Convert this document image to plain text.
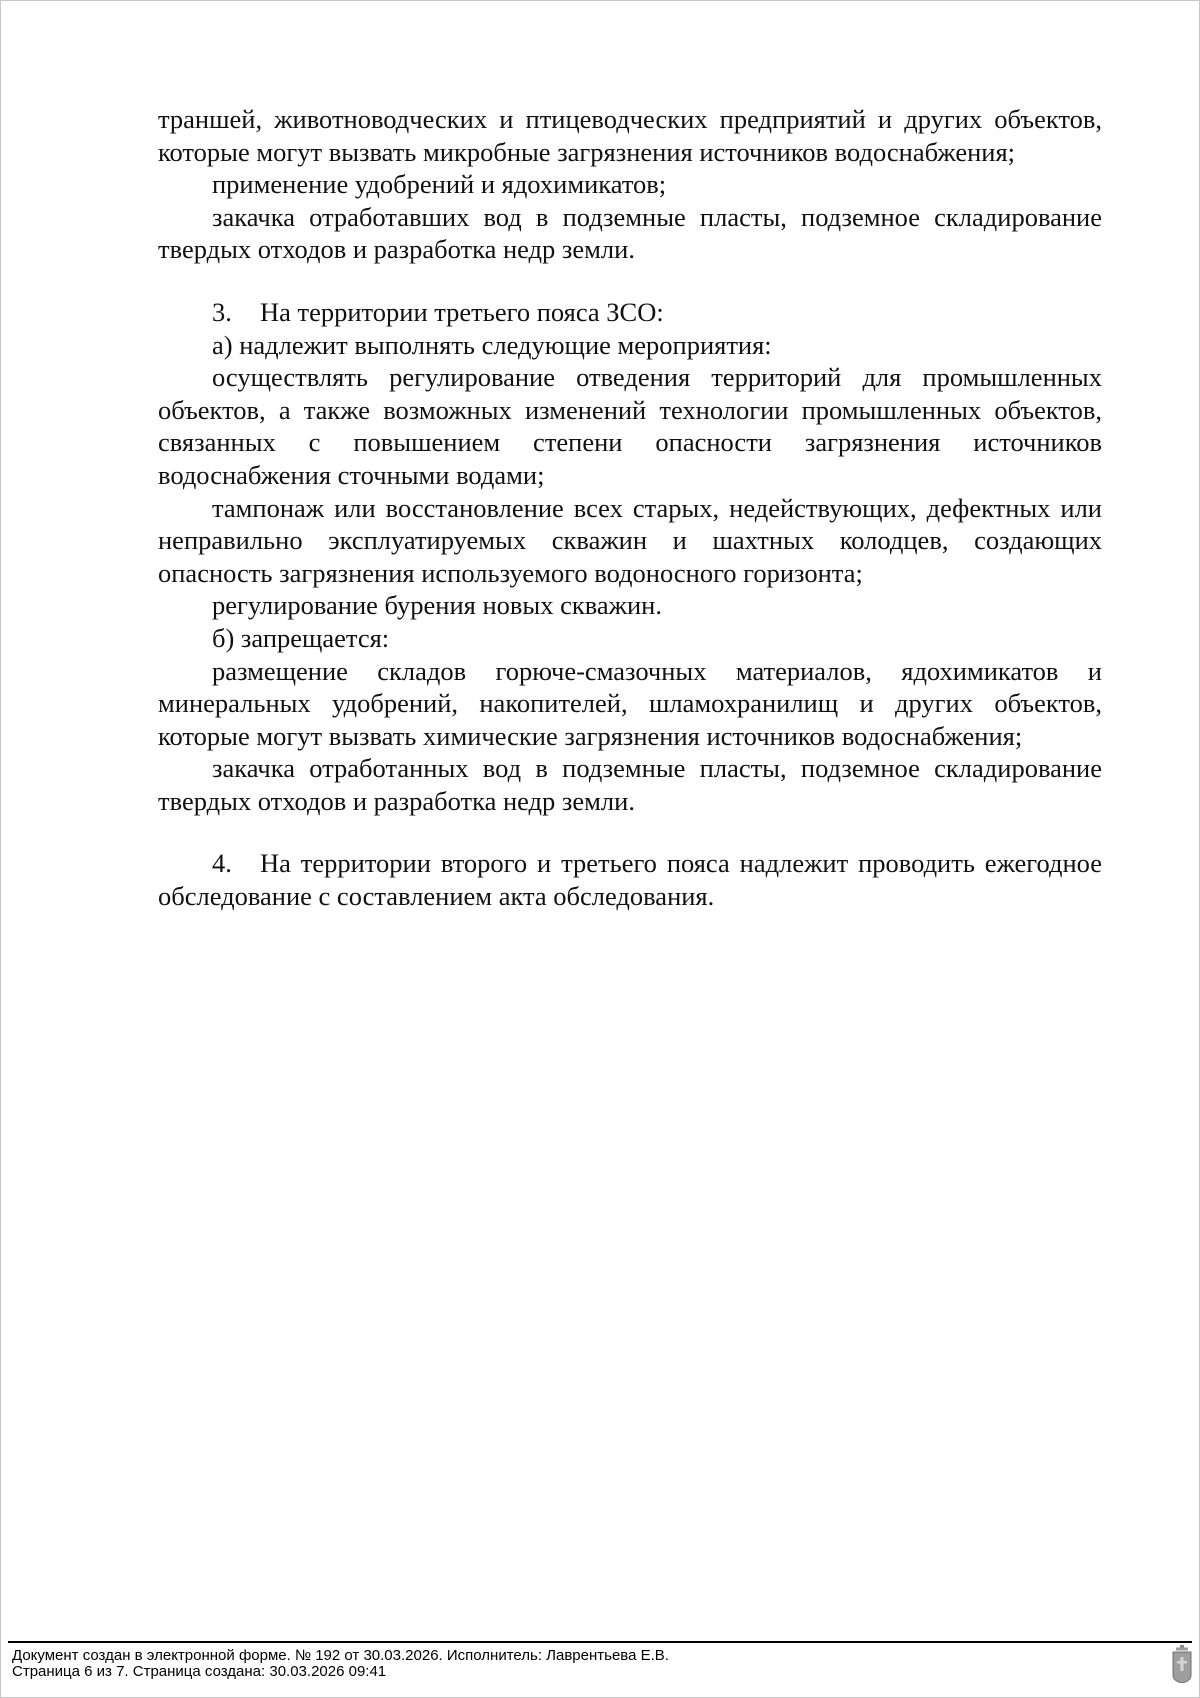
траншей, животноводческих и птицеводческих предприятий и других объектов, которые могут вызвать микробные загрязнения источников водоснабжения;

применение удобрений и ядохимикатов;

закачка отработавших вод в подземные пласты, подземное складирование твердых отходов и разработка недр земли.

3. На территории третьего пояса ЗСО:

а) надлежит выполнять следующие мероприятия:

осуществлять регулирование отведения территорий для промышленных объектов, а также возможных изменений технологии промышленных объектов, связанных с повышением степени опасности загрязнения источников водоснабжения сточными водами;

тампонаж или восстановление всех старых, недействующих, дефектных или неправильно эксплуатируемых скважин и шахтных колодцев, создающих опасность загрязнения используемого водоносного горизонта;

регулирование бурения новых скважин.

б) запрещается:

размещение складов горюче-смазочных материалов, ядохимикатов и минеральных удобрений, накопителей, шламохранилищ и других объектов, которые могут вызвать химические загрязнения источников водоснабжения;

закачка отработанных вод в подземные пласты, подземное складирование твердых отходов и разработка недр земли.

4. На территории второго и третьего пояса надлежит проводить ежегодное обследование с составлением акта обследования.

Документ создан в электронной форме. № 192 от 30.03.2026. Исполнитель: Лаврентьева Е.В.
Страница 6 из 7. Страница создана: 30.03.2026 09:41
